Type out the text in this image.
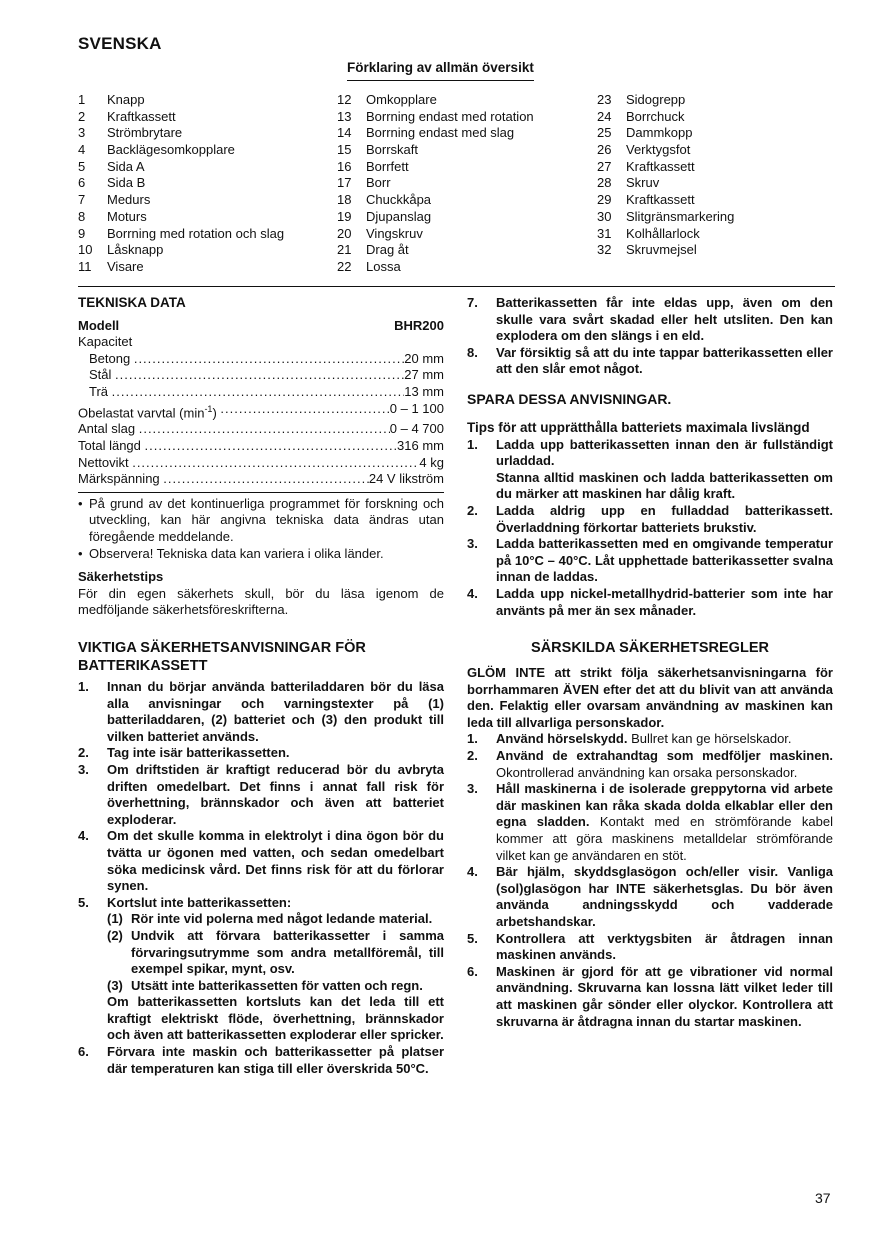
SVENSKA
Förklaring av allmän översikt
1	Knapp
2	Kraftkassett
3	Strömbrytare
4	Backlägesomkopplare
5	Sida A
6	Sida B
7	Medurs
8	Moturs
9	Borrning med rotation och slag
10	Låsknapp
11	Visare
12	Omkopplare
13	Borrning endast med rotation
14	Borrning endast med slag
15	Borrskaft
16	Borrfett
17	Borr
18	Chuckkåpa
19	Djupanslag
20	Vingskruv
21	Drag åt
22	Lossa
23	Sidogrepp
24	Borrchuck
25	Dammkopp
26	Verktygsfot
27	Kraftkassett
28	Skruv
29	Kraftkassett
30	Slitgränsmarkering
31	Kolhållarlock
32	Skruvmejsel
TEKNISKA DATA
Modell	BHR200
Kapacitet
Betong
.....	20 mm
Stål
.....	27 mm
Trä
.....	13 mm
Obelastat varvtal $(\min^{-1})$
.....	0 – 1 100
Antal slag
.....	0 – 4 700
Total längd
.....	316 mm
Nettovikt
.....	4 kg
Märkspänning
.....	24 V likström
• På grund av det kontinuerliga programmet för forskning och utveckling, kan här angivna tekniska data ändras utan föregående meddelande.
• Observera! Tekniska data kan variera i olika länder.
Säkerhetstips

För din egen säkerhets skull, bör du läsa igenom de medföljande säkerhetsföreskrifterna.

VIKTIGA SÄKERHETSANVISNINGAR FÖR
BATTERIKASSETT
1.	Innan du börjar använda batteriladdaren bör du läsa alla anvisningar och varningstexter på (1) batteriladdaren, (2) batteriet och (3) den produkt till vilken batteriet används.
2.	Tag inte isär batterikassetten.
3.	Om driftstiden är kraftigt reducerad bör du avbryta driften omedelbart. Det finns i annat fall risk för överhettning, brännskador och även att batteriet exploderar.
4.	Om det skulle komma in elektrolyt i dina ögon bör du tvätta ur ögonen med vatten, och sedan omedelbart söka medicinsk vård. Det finns risk för att du förlorar synen.
5.	Kortslut inte batterikassetten:
(1) Rör inte vid polerna med något ledande material.
(2) Undvik att förvara batterikassetter i samma förvaringsutrymme som andra metallföremål, till exempel spikar, mynt, osv.
(3) Utsätt inte batterikassetten för vatten och regn.
Om batterikassetten kortsluts kan det leda till ett kraftigt elektriskt flöde, överhettning, brännskador och även att batterikassetten exploderar eller spricker.
6.	Förvara inte maskin och batterikassetter på platser där temperaturen kan stiga till eller överskrida 50°C.
7.	Batterikassetten får inte eldas upp, även om den skulle vara svårt skadad eller helt utsliten. Den kan explodera om den slängs i en eld.
8.	Var försiktig så att du inte tappar batterikassetten eller att den slår emot något.
SPARA DESSA ANVISNINGAR.
Tips för att upprätthålla batteriets maximala livslängd
1.	Ladda upp batterikassetten innan den är fullständigt urladdad.
Stanna alltid maskinen och ladda batterikassetten om du märker att maskinen har dålig kraft.
2.	Ladda aldrig upp en fulladdad batterikassett. Överladdning förkortar batteriets brukstiv.
3.	Ladda batterikassetten med en omgivande temperatur på 10°C – 40°C. Låt upphettade batterikassetter svalna innan de laddas.
4.	Ladda upp nickel-metallhydrid-batterier som inte har använts på mer än sex månader.
SÄRSKILDA SÄKERHETSREGLER

GLÖM INTE att strikt följa säkerhetsanvisningarna för borrhammaren ÄVEN efter det att du blivit van att använda den. Felaktig eller ovarsam användning av maskinen kan leda till allvarliga personskador.

1.	Använd hörselskydd. Bullret kan ge hörselskador.
2.	Använd de extrahandtag som medföljer maskinen. Okontrollerad användning kan orsaka personskador.
3.	Håll maskinerna i de isolerade greppytorna vid arbete där maskinen kan råka skada dolda elkablar eller den egna sladden. Kontakt med en strömförande kabel kommer att göra maskinens metalldelar strömförande vilket kan ge användaren en stöt.
4.	Bär hjälm, skyddsglasögon och/eller visir. Vanliga (sol)glasögon har INTE säkerhetsglas. Du bör även använda andningsskydd och vadderade arbetshandskar.
5.	Kontrollera att verktygsbiten är åtdragen innan maskinen används.
6.	Maskinen är gjord för att ge vibrationer vid normal användning. Skruvarna kan lossna lätt vilket leder till att maskinen går sönder eller olyckor. Kontrollera att skruvarna är åtdragna innan du startar maskinen.
37
